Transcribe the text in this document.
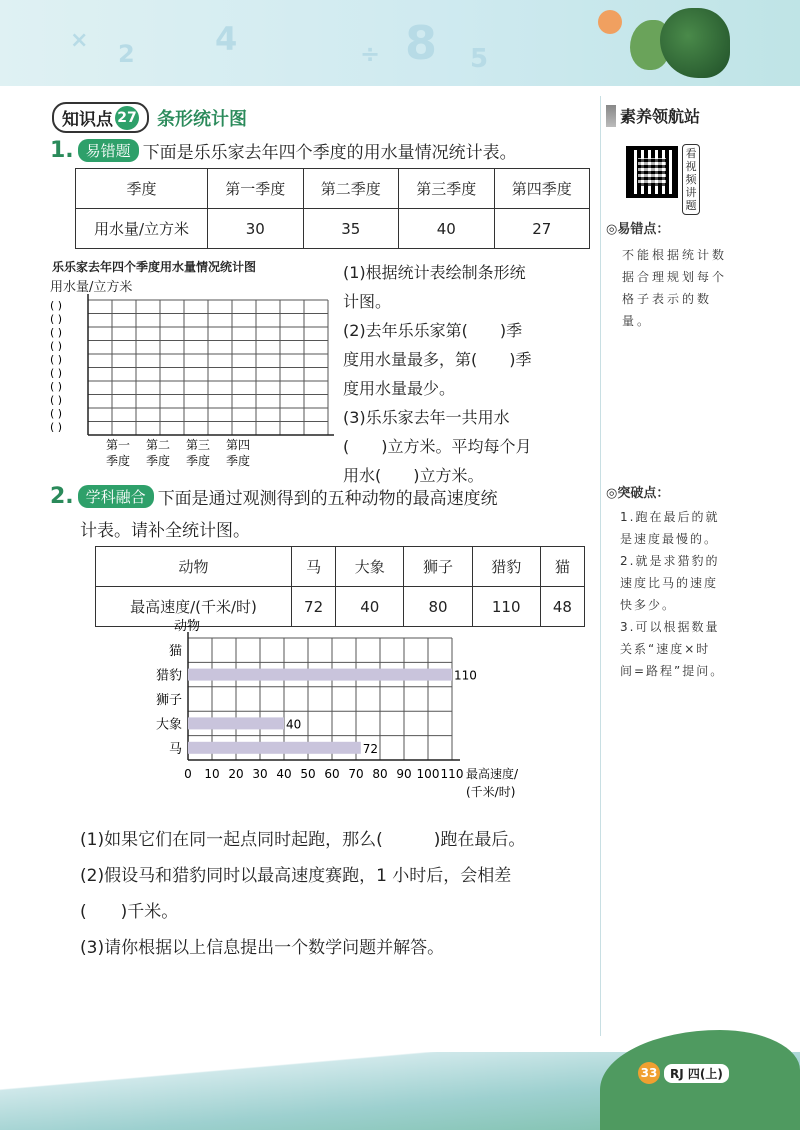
× 2	4	÷ 8 5
知识点 27 条形统计图	素养领航站
看视频讲题
◎易错点：
不能根据统计数
据合理规划每个
格子表示的数
量。
◎突破点：
1.跑在最后的就
是速度最慢的。
2.就是求猎豹的
速度比马的速度
快多少。
3.可以根据数量
关系“速度×时
间=路程”提问。
1. 易错题 下面是乐乐家去年四个季度的用水量情况统计表。
季度	第一季度	第二季度	第三季度	第四季度
用水量/立方米	30	35	40	27
乐乐家去年四个季度用水量情况统计图
用水量/立方米
( )
( )
( )
( )
( )
( )
( )
( )
( )
( )
第一
季度
第二
季度
第三
季度
第四
季度
(1)根据统计表绘制条形统
计图。
(2)去年乐乐家第(　　)季
度用水量最多，第(　　)季
度用水量最少。
(3)乐乐家去年一共用水
(　　)立方米。平均每个月
用水(　　)立方米。
2. 学科融合 下面是通过观测得到的五种动物的最高速度统
计表。请补全统计图。
动物	马	大象	狮子	猎豹	猫
最高速度/(千米/时)	72	40	80	110	48
动物
马	72
大象	40
狮子
猎豹	110
猫
0 10 20 30 40 50 60 70 80 90 100 110 最高速度/
(千米/时)
(1)如果它们在同一起点同时起跑，那么(　　　)跑在最后。
(2)假设马和猎豹同时以最高速度赛跑，1 小时后，会相差
(　　)千米。
(3)请你根据以上信息提出一个数学问题并解答。
33	RJ 四(上)
